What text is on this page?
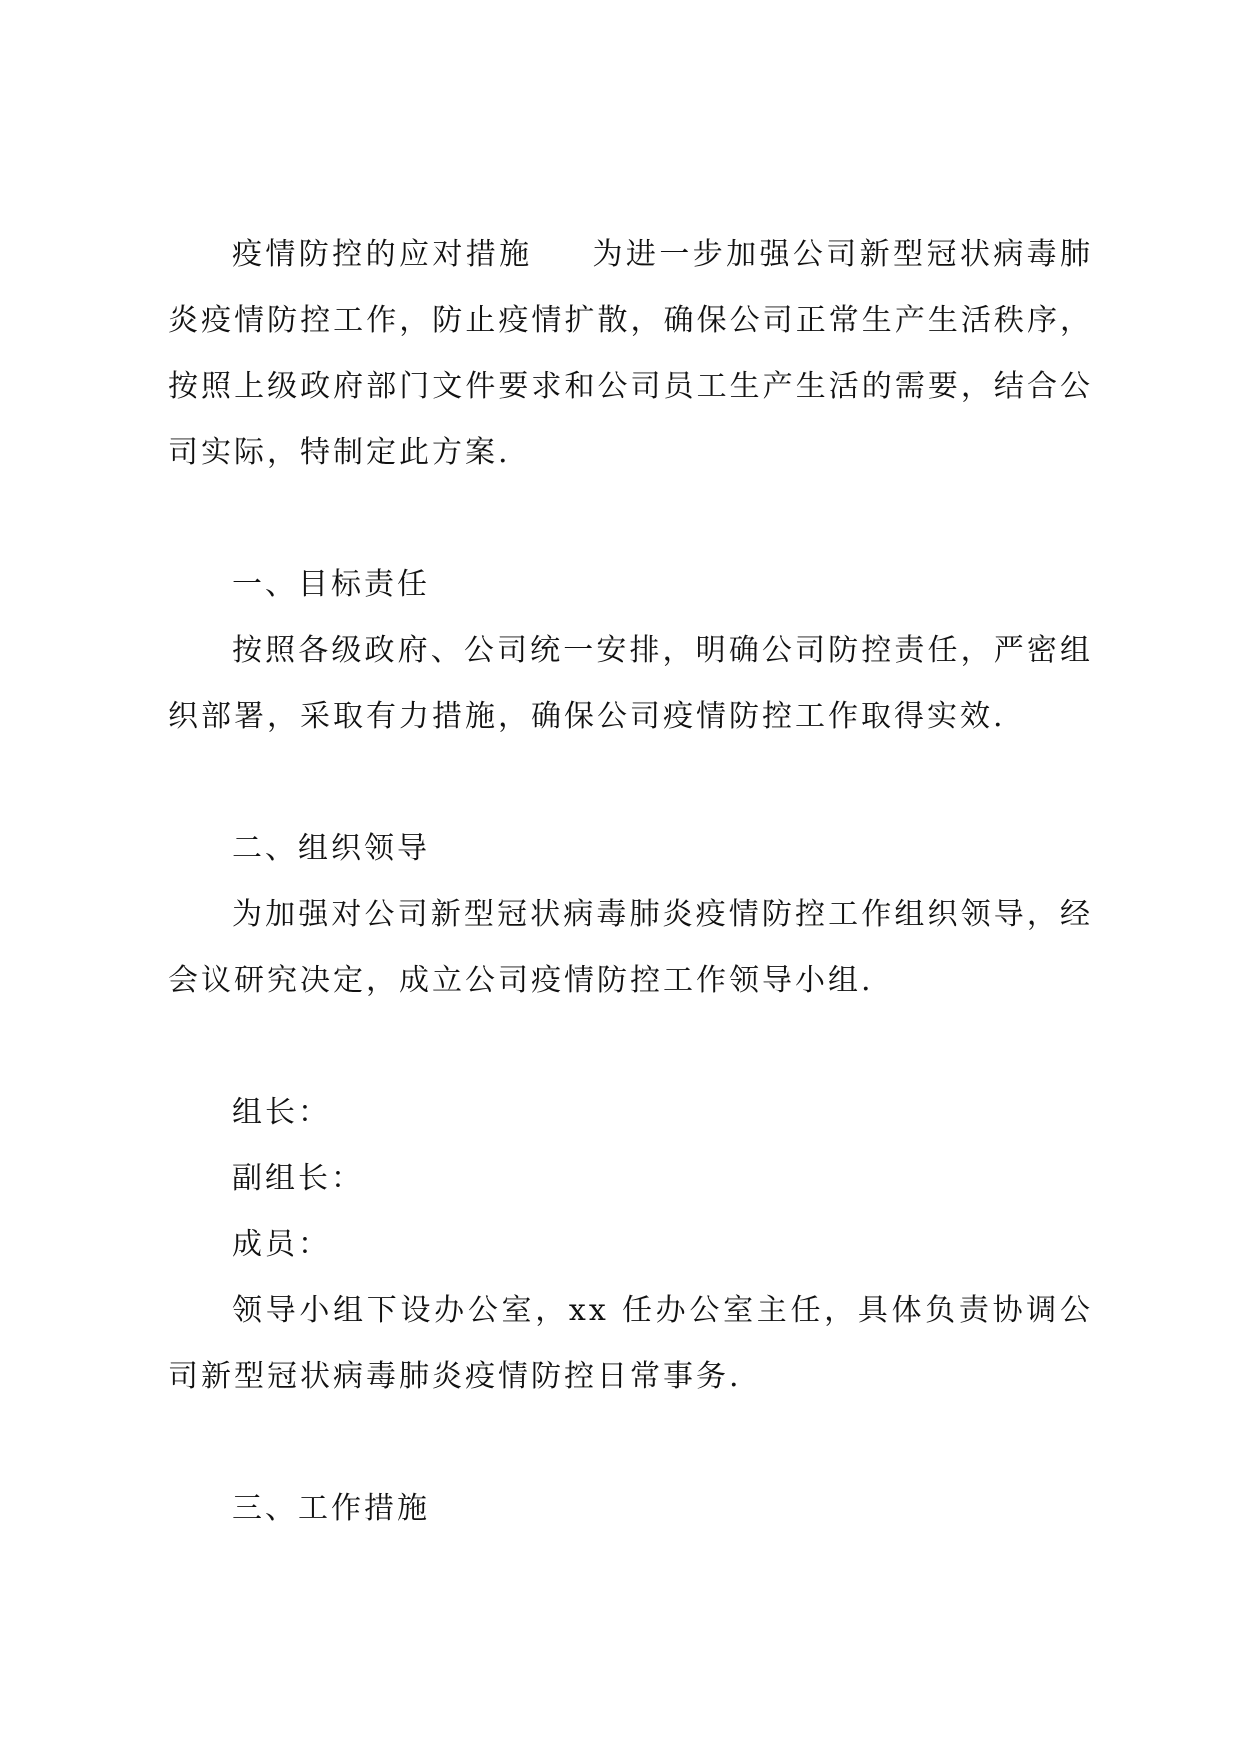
疫情防控的应对措施 为进一步加强公司新型冠状病毒肺炎疫情防控工作，防止疫情扩散，确保公司正常生产生活秩序，按照上级政府部门文件要求和公司员工生产生活的需要，结合公司实际，特制定此方案.

一、目标责任

按照各级政府、公司统一安排，明确公司防控责任，严密组织部署，采取有力措施，确保公司疫情防控工作取得实效.

二、组织领导

为加强对公司新型冠状病毒肺炎疫情防控工作组织领导，经会议研究决定，成立公司疫情防控工作领导小组.

组长：

副组长：

成员：

领导小组下设办公室，xx 任办公室主任，具体负责协调公司新型冠状病毒肺炎疫情防控日常事务.

三、工作措施
